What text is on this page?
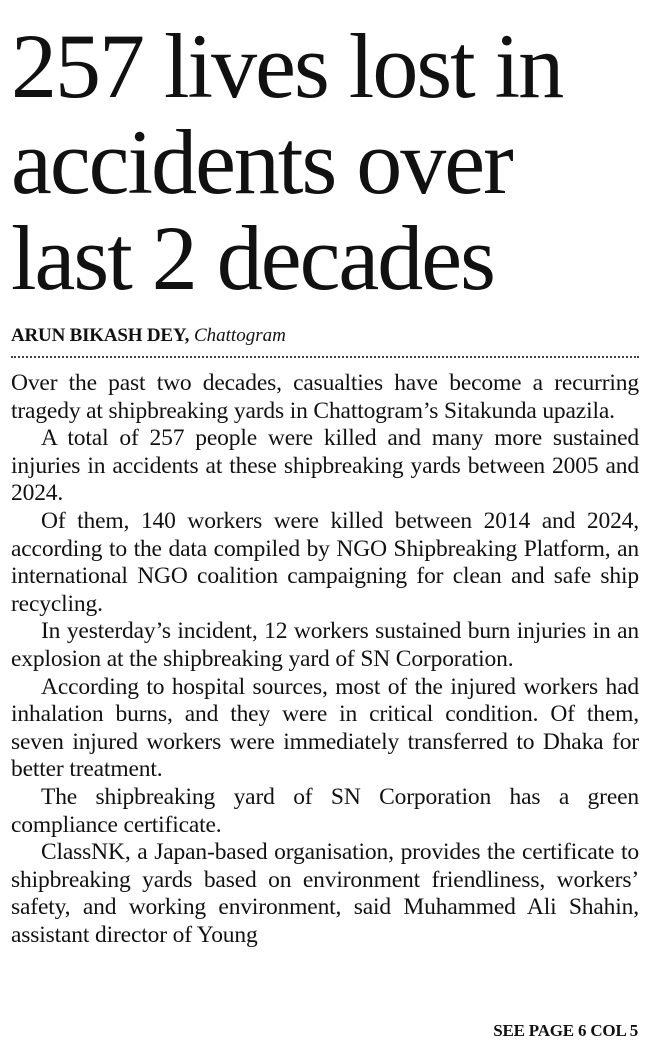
257 lives lost in
accidents over
last 2 decades
ARUN BIKASH DEY, Chattogram

Over the past two decades, casualties have become a recurring tragedy at shipbreaking yards in Chattogram’s Sitakunda upazila.

A total of 257 people were killed and many more sustained injuries in accidents at these shipbreaking yards between 2005 and 2024.

Of them, 140 workers were killed between 2014 and 2024, according to the data compiled by NGO Shipbreaking Platform, an international NGO coalition campaigning for clean and safe ship recycling.

In yesterday’s incident, 12 workers sustained burn injuries in an explosion at the shipbreaking yard of SN Corporation.

According to hospital sources, most of the injured workers had inhalation burns, and they were in critical condition. Of them, seven injured workers were immediately transferred to Dhaka for better treatment.

The shipbreaking yard of SN Corporation has a green compliance certificate.

ClassNK, a Japan-based organisation, provides the certificate to shipbreaking yards based on environment friendliness, workers’ safety, and working environment, said Muhammed Ali Shahin, assistant director of Young

SEE PAGE 6 COL 5
